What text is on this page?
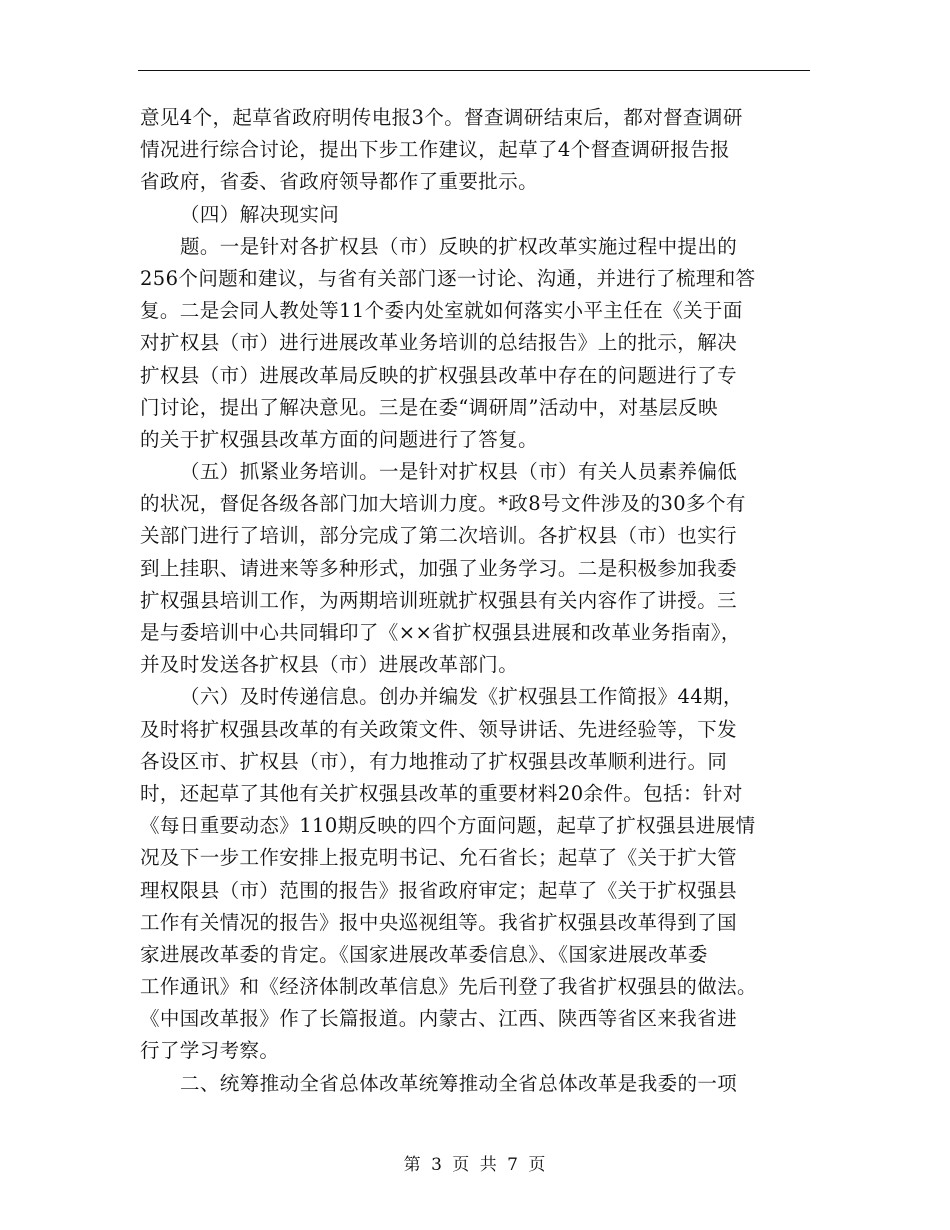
意见4个，起草省政府明传电报3个。督查调研结束后，都对督查调研
情况进行综合讨论，提出下步工作建议，起草了4个督查调研报告报
省政府，省委、省政府领导都作了重要批示。
（四）解决现实问
题。一是针对各扩权县（市）反映的扩权改革实施过程中提出的
256个问题和建议，与省有关部门逐一讨论、沟通，并进行了梳理和答
复。二是会同人教处等11个委内处室就如何落实小平主任在《关于面
对扩权县（市）进行进展改革业务培训的总结报告》上的批示，解决
扩权县（市）进展改革局反映的扩权强县改革中存在的问题进行了专
门讨论，提出了解决意见。三是在委“调研周”活动中，对基层反映
的关于扩权强县改革方面的问题进行了答复。
（五）抓紧业务培训。一是针对扩权县（市）有关人员素养偏低
的状况，督促各级各部门加大培训力度。*政8号文件涉及的30多个有
关部门进行了培训，部分完成了第二次培训。各扩权县（市）也实行
到上挂职、请进来等多种形式，加强了业务学习。二是积极参加我委
扩权强县培训工作，为两期培训班就扩权强县有关内容作了讲授。三
是与委培训中心共同辑印了《××省扩权强县进展和改革业务指南》，
并及时发送各扩权县（市）进展改革部门。
（六）及时传递信息。创办并编发《扩权强县工作简报》44期，
及时将扩权强县改革的有关政策文件、领导讲话、先进经验等，下发
各设区市、扩权县（市），有力地推动了扩权强县改革顺利进行。同
时，还起草了其他有关扩权强县改革的重要材料20余件。包括：针对
《每日重要动态》110期反映的四个方面问题，起草了扩权强县进展情
况及下一步工作安排上报克明书记、允石省长；起草了《关于扩大管
理权限县（市）范围的报告》报省政府审定；起草了《关于扩权强县
工作有关情况的报告》报中央巡视组等。我省扩权强县改革得到了国
家进展改革委的肯定。《国家进展改革委信息》、《国家进展改革委
工作通讯》和《经济体制改革信息》先后刊登了我省扩权强县的做法。
《中国改革报》作了长篇报道。内蒙古、江西、陕西等省区来我省进
行了学习考察。
二、统筹推动全省总体改革统筹推动全省总体改革是我委的一项
第 3 页 共 7 页
